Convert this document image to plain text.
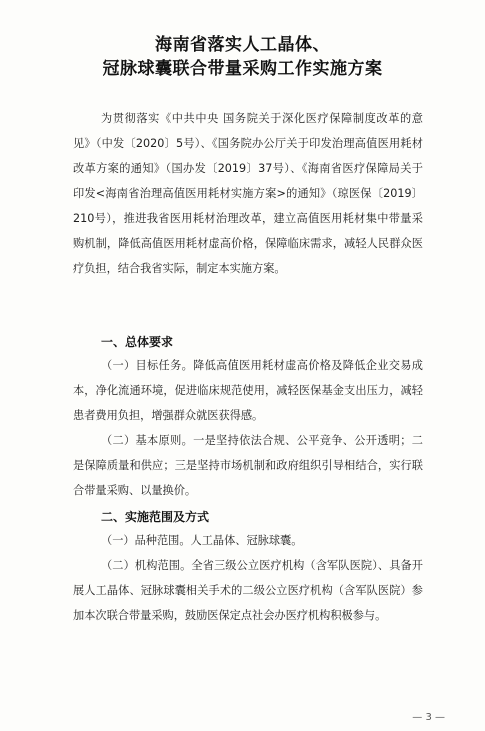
海南省落实人工晶体、
冠脉球囊联合带量采购工作实施方案
为贯彻落实《中共中央 国务院关于深化医疗保障制度改革的意见》（中发〔2020〕5号）、《国务院办公厅关于印发治理高值医用耗材改革方案的通知》（国办发〔2019〕37号）、《海南省医疗保障局关于印发<海南省治理高值医用耗材实施方案>的通知》（琼医保〔2019〕210号），推进我省医用耗材治理改革，建立高值医用耗材集中带量采购机制，降低高值医用耗材虚高价格，保障临床需求，减轻人民群众医疗负担，结合我省实际，制定本实施方案。
一、总体要求
（一）目标任务。降低高值医用耗材虚高价格及降低企业交易成本，净化流通环境，促进临床规范使用，减轻医保基金支出压力，减轻患者费用负担，增强群众就医获得感。
（二）基本原则。一是坚持依法合规、公平竞争、公开透明；二是保障质量和供应；三是坚持市场机制和政府组织引导相结合，实行联合带量采购、以量换价。
二、实施范围及方式
（一）品种范围。人工晶体、冠脉球囊。
（二）机构范围。全省三级公立医疗机构（含军队医院）、具备开展人工晶体、冠脉球囊相关手术的二级公立医疗机构（含军队医院）参加本次联合带量采购，鼓励医保定点社会办医疗机构积极参与。
— 3 —
